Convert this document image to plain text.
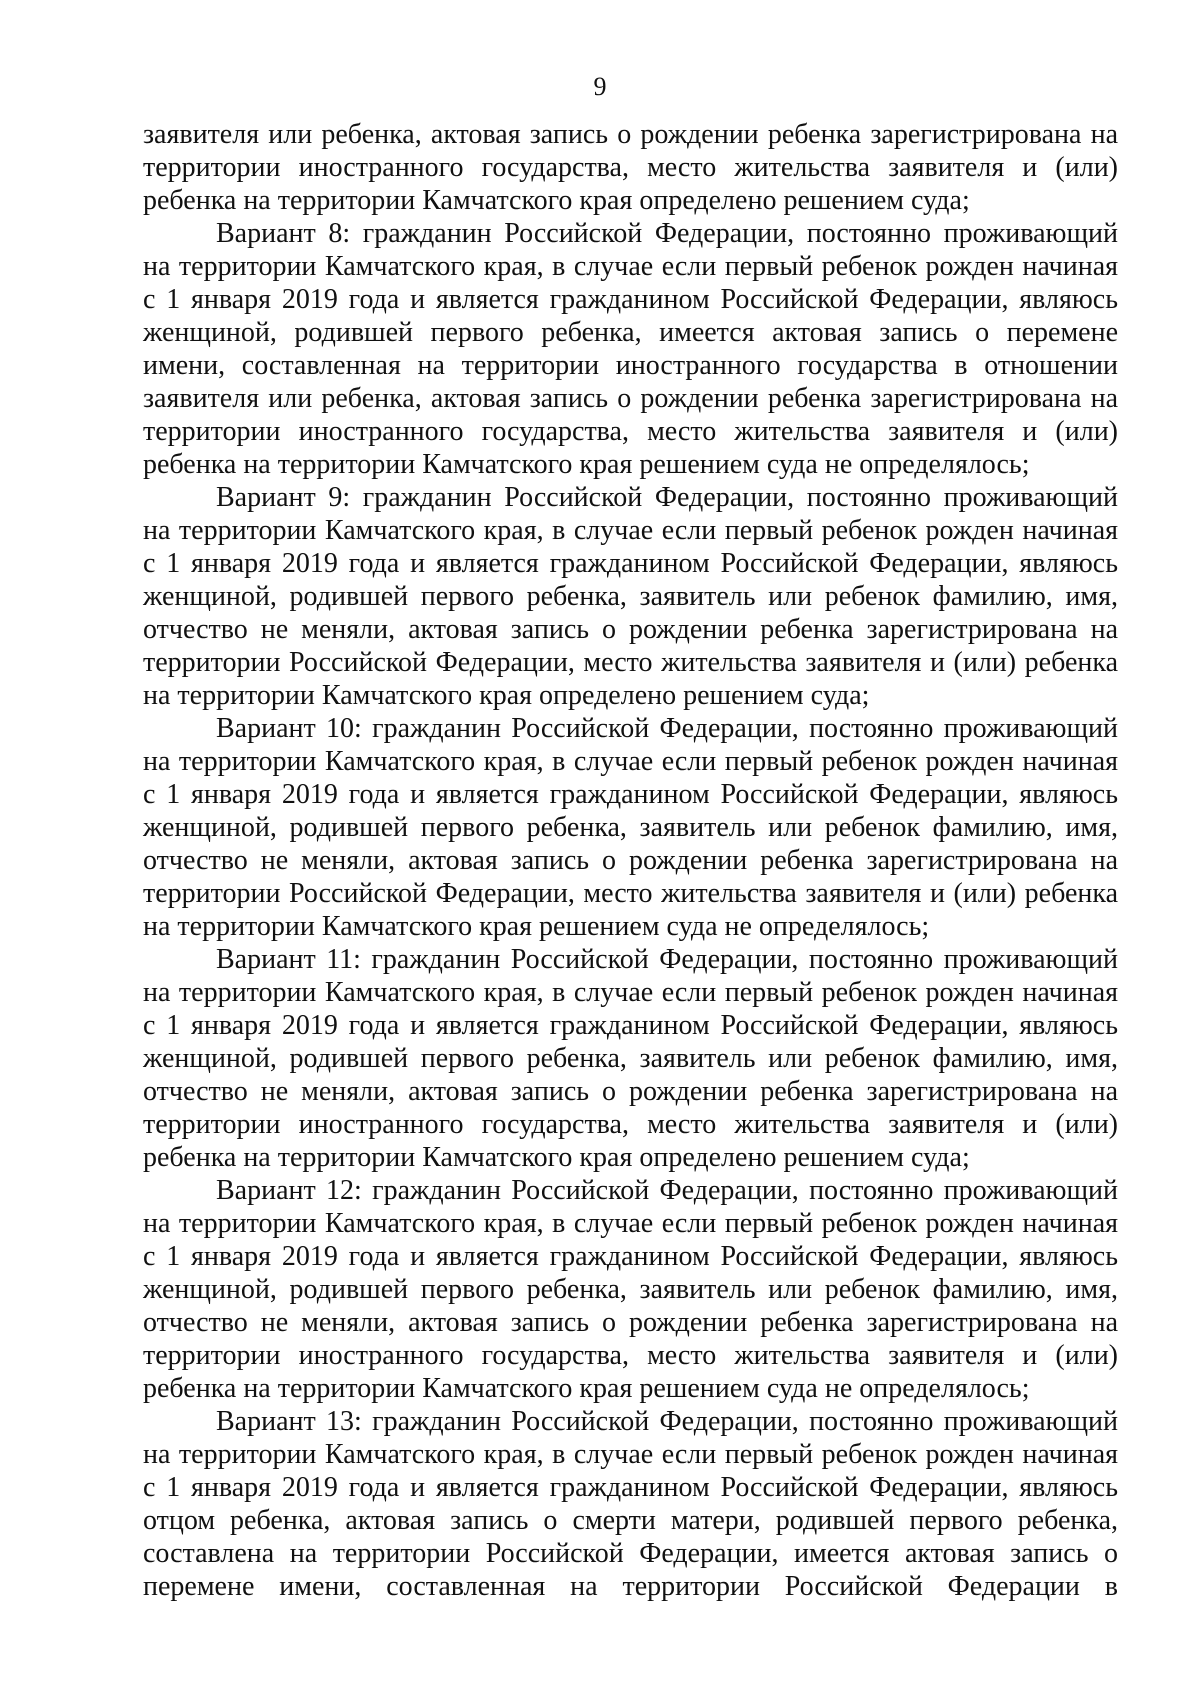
9

заявителя или ребенка, актовая запись о рождении ребенка зарегистрирована на территории иностранного государства, место жительства заявителя и (или) ребенка на территории Камчатского края определено решением суда;

Вариант 8: гражданин Российской Федерации, постоянно проживающий на территории Камчатского края, в случае если первый ребенок рожден начиная с 1 января 2019 года и является гражданином Российской Федерации, являюсь женщиной, родившей первого ребенка, имеется актовая запись о перемене имени, составленная на территории иностранного государства в отношении заявителя или ребенка, актовая запись о рождении ребенка зарегистрирована на территории иностранного государства, место жительства заявителя и (или) ребенка на территории Камчатского края решением суда не определялось;

Вариант 9: гражданин Российской Федерации, постоянно проживающий на территории Камчатского края, в случае если первый ребенок рожден начиная с 1 января 2019 года и является гражданином Российской Федерации, являюсь женщиной, родившей первого ребенка, заявитель или ребенок фамилию, имя, отчество не меняли, актовая запись о рождении ребенка зарегистрирована на территории Российской Федерации, место жительства заявителя и (или) ребенка на территории Камчатского края определено решением суда;

Вариант 10: гражданин Российской Федерации, постоянно проживающий на территории Камчатского края, в случае если первый ребенок рожден начиная с 1 января 2019 года и является гражданином Российской Федерации, являюсь женщиной, родившей первого ребенка, заявитель или ребенок фамилию, имя, отчество не меняли, актовая запись о рождении ребенка зарегистрирована на территории Российской Федерации, место жительства заявителя и (или) ребенка на территории Камчатского края решением суда не определялось;

Вариант 11: гражданин Российской Федерации, постоянно проживающий на территории Камчатского края, в случае если первый ребенок рожден начиная с 1 января 2019 года и является гражданином Российской Федерации, являюсь женщиной, родившей первого ребенка, заявитель или ребенок фамилию, имя, отчество не меняли, актовая запись о рождении ребенка зарегистрирована на территории иностранного государства, место жительства заявителя и (или) ребенка на территории Камчатского края определено решением суда;

Вариант 12: гражданин Российской Федерации, постоянно проживающий на территории Камчатского края, в случае если первый ребенок рожден начиная с 1 января 2019 года и является гражданином Российской Федерации, являюсь женщиной, родившей первого ребенка, заявитель или ребенок фамилию, имя, отчество не меняли, актовая запись о рождении ребенка зарегистрирована на территории иностранного государства, место жительства заявителя и (или) ребенка на территории Камчатского края решением суда не определялось;

Вариант 13: гражданин Российской Федерации, постоянно проживающий на территории Камчатского края, в случае если первый ребенок рожден начиная с 1 января 2019 года и является гражданином Российской Федерации, являюсь отцом ребенка, актовая запись о смерти матери, родившей первого ребенка, составлена на территории Российской Федерации, имеется актовая запись о перемене имени, составленная на территории Российской Федерации в
